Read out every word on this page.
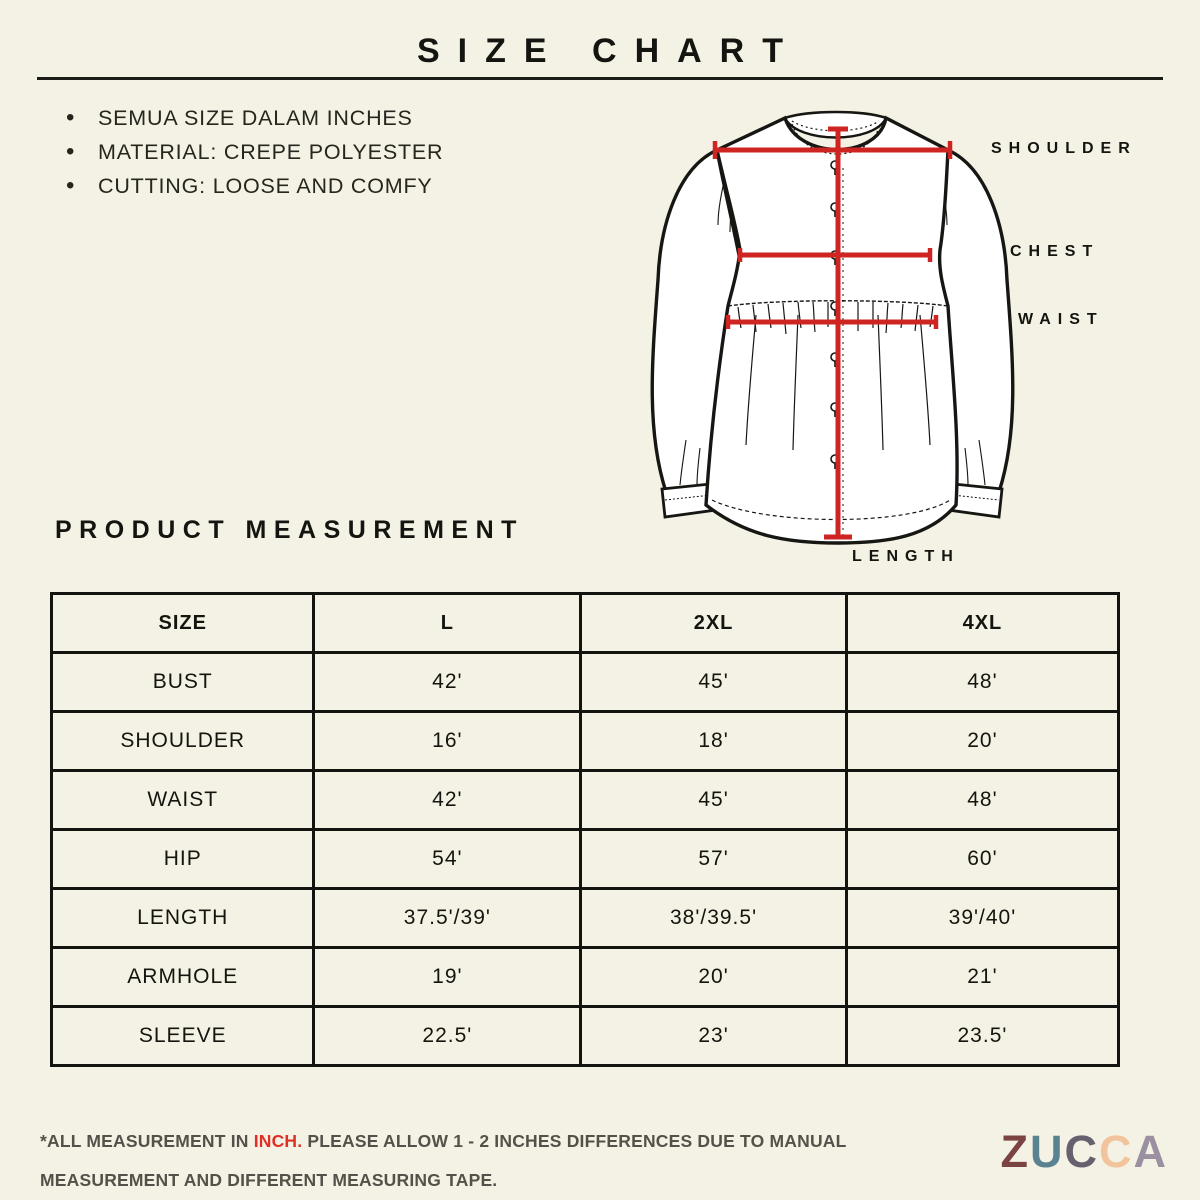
SIZE CHART
• SEMUA SIZE DALAM INCHES
• MATERIAL: CREPE POLYESTER
• CUTTING: LOOSE AND COMFY
SHOULDER
CHEST
WAIST
LENGTH
PRODUCT MEASUREMENT
SIZE	L	2XL	4XL
BUST	42'	45'	48'
SHOULDER	16'	18'	20'
WAIST	42'	45'	48'
HIP	54'	57'	60'
LENGTH	37.5'/39'	38'/39.5'	39'/40'
ARMHOLE	19'	20'	21'
SLEEVE	22.5'	23'	23.5'

*ALL MEASUREMENT IN INCH. PLEASE ALLOW 1 - 2 INCHES DIFFERENCES DUE TO MANUAL MEASUREMENT AND DIFFERENT MEASURING TAPE.

ZUCCA
